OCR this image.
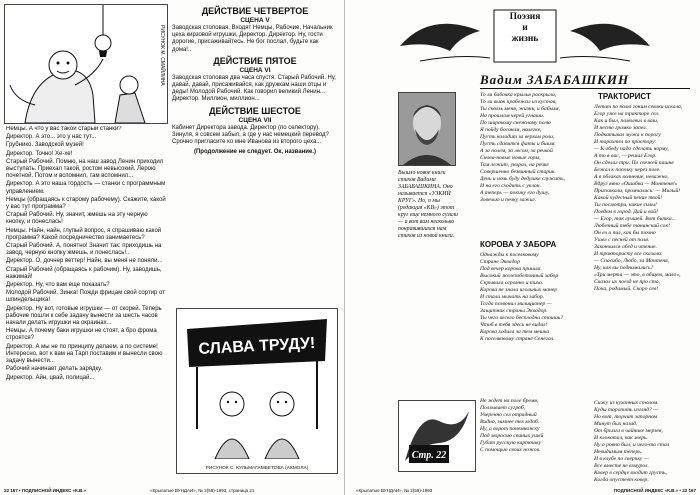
РИСУНОК М. СМАЙЛИНА

Немцы. А что у вас такой старый станки?

Директор. А это... это у нас тут...

Грубнико. Заводской музей!

Директор. Точно! Хе-хе!

Старый Рабочий. Помню, на наш завод Ленин приходил выступать. Приехал такой, ростом невысокий. Лерою почетной. Потом и вспомнил, там вспомнил...

Директор. А это наша гордость — станки с программным управлением.

Немцы (обращаясь к старому рабочему). Скажите, какой у вас тут программа?

Старый Рабочий. Ну, значит, жмешь на эту черную кнопку, и понеслась!

Немцы. Найн, найн, глупый вопрос, я спрашиваю какой программа? Какой посредничество занимаетесь?

Старый Рабочий. А, понятно! Значит так: приходишь на завод, черную кнопку жмешь, и понеслась!..

Директор. О, дочнер веттер! Найн, вы меня не поняли...

Старый Рабочий (обращаясь к рабочим). Ну, заводишь, нажимай!

Директор. Ну, что вам еще показать?

Молодой Рабочий. Зинка! Пожди фрицам свой сортир от шпиндельщика!

Директор. Ну вот, готовые игрушки — от скорей. Теперь рабочие пошли к себе задачу вынести за шесть часов начали делать игрушки на окраинах...

Немцы. А почему баки игрушки не стоят, а бро фрома строятся?

Директор. А мы не по принципу делаем, а по системе! Интересно, вот к вам на Тарп поставим и вынесли свою задачу вынести...

Рабочий начинает делать зарядку.

Директор. Айн, цвай, полицай...

ДЕЙСТВИЕ ЧЕТВЕРТОЕ
СЦЕНА V
Заводская столовая. Входят Немцы, Рабочие, Начальник цеха кирзовой игрушки, Директор. Директор. Ну, гости дорогие, присаживайтесь. Не бог послал, будьте как дома!..
ДЕЙСТВИЕ ПЯТОЕ
СЦЕНА VI
Заводская столовая два часа спустя. Старый Рабочий. Ну, давай, давай, присаживайся, как дружкам наши отцы и деды! Молодой Рабочий. Как говорил великий Ленин... Директор. Миллион, миллион...
ДЕЙСТВИЕ ШЕСТОЕ
СЦЕНА VII
Кабинет Директора завода. Директор (по селектору). Зинуля, я совсем забыл, а где у нас немецкий перевод? Срочно пригласите ко мне Иванова из второго цеха...
(Продолжение не следует. Ок, название.)
СЛАВА ТРУДУ!
РИСУНОК С. КУЛЬМАГАМБЕТОВА (АКМОЛА)
22 167 • ПОДПИСНОЙ ИНДЕКС «К.В.»	«Крылатые ВУНДАИ», № 2(59)-1993, страница 21
Поэзия
и
жизнь
Вадим ЗАБАБАШКИН
Вышло новое книги стихов Вадима ЗАБАБАШКИНА. Оно называется «УЗКИЙ КРУГ». Но, о мы (редакция «КВ») этот круг еще немного сузили — и вот вам несколько понравившихся нам стихов из новой книги.
То ли бабочка крылья раскрыла,
То ли вьюк пробежал из кустов,
Ты сквозь меня, жизнь, и бабьим,
На прошлом черей угнаши.
По широкому снежному полю
Я пойду босиком, налегке,
Пусть колодит за верхом роли,
Пусть сдавится фаты и бшим.
А за полем, за лесом, за речкой
Снова-новые новые горы,
Там лежит, укорал, на речке
Совершенно безвинный старик.
День и ночь буду дедушке служить,
И на его сходить с уклон.
А теперь — покину его душу,
Зовечью и печку зажиг.
КОРОВА У ЗАБОРА
Однажды к поселковому
Стране Эквадор
Под вечер корова пришла.
Высокий железобетонный забор
Скрывала огромно и тихо.
Корова не знала игольных манер
И стала мычать на забор.
Тогда позвонил милиционер —
Защитник страны Эквадор.
Ты чего весело бесплодна стоишь?
Чтоб в тебя здесь не видал!
Корова ходила за тем мешка
К поселковому стране Сенегал.
ТРАКТОРИСТ
Летит по полю гоним сеялки искала,
Егор уже на тракторе сел.
Как и был, помолвил в ваш,
И песню громко запел.
Подкатывал мужа к порогу
И тарахтел по простору:
— К обеду надо сделать норму,
А то я вас, — решил Егор.
Он сделал три. По свежей пашне
Бежал к поселку через поле.
А в облаках волнение, неважно,
Вдруг явно «Ошибка — Монтеня!»
Прискакали, промчались: — Милый!
Какой чудесный пение твой!
Ты посмотри, какие силы!
Поедем в город. Дай и вой!
— Егор, так лучшей. Вот битка...
Любезный тебе танинский сок!
Он ел и пил, как бы точно
Ушел с песней от поля.
Закончился обед и чтение.
И трактористу все сказали:
— Спасибо, Любо, за Монтеня,
Ну, как вы поднимались?
«Три мерта — это, в общем, мало»,
Сказал их поезд не про сто,
Пока, родимый. Скоро сев!
Сижу из кухонных столом.
Куды торопить изгляд? —
Но вот, торчит запорном
Минут бых назад.
От брызга в чайнике мерзея,
И клокотал, как зверь.
Ну о ровно был, и чего-то стал
Невидимым теперь.
И в клубе по сверчку —
Все вместе не взмурол.
Ковер в сердце входит грусть,
Когда опустеет ковер.
Не ждет на поле бремя,
Ползывает сугроб,
Уверенно сел отрадный
Видно, зимнее тех юдоб.
Ну, а ворот понемножку
Под моросью свиных ушей
Губит русскую картошку
С помощью своих ножов.
Стр. 22
«Крылатые ВУНДАИ», № 2(59)-1993	ПОДПИСНОЙ ИНДЕКС «К.В.» • 22 167
